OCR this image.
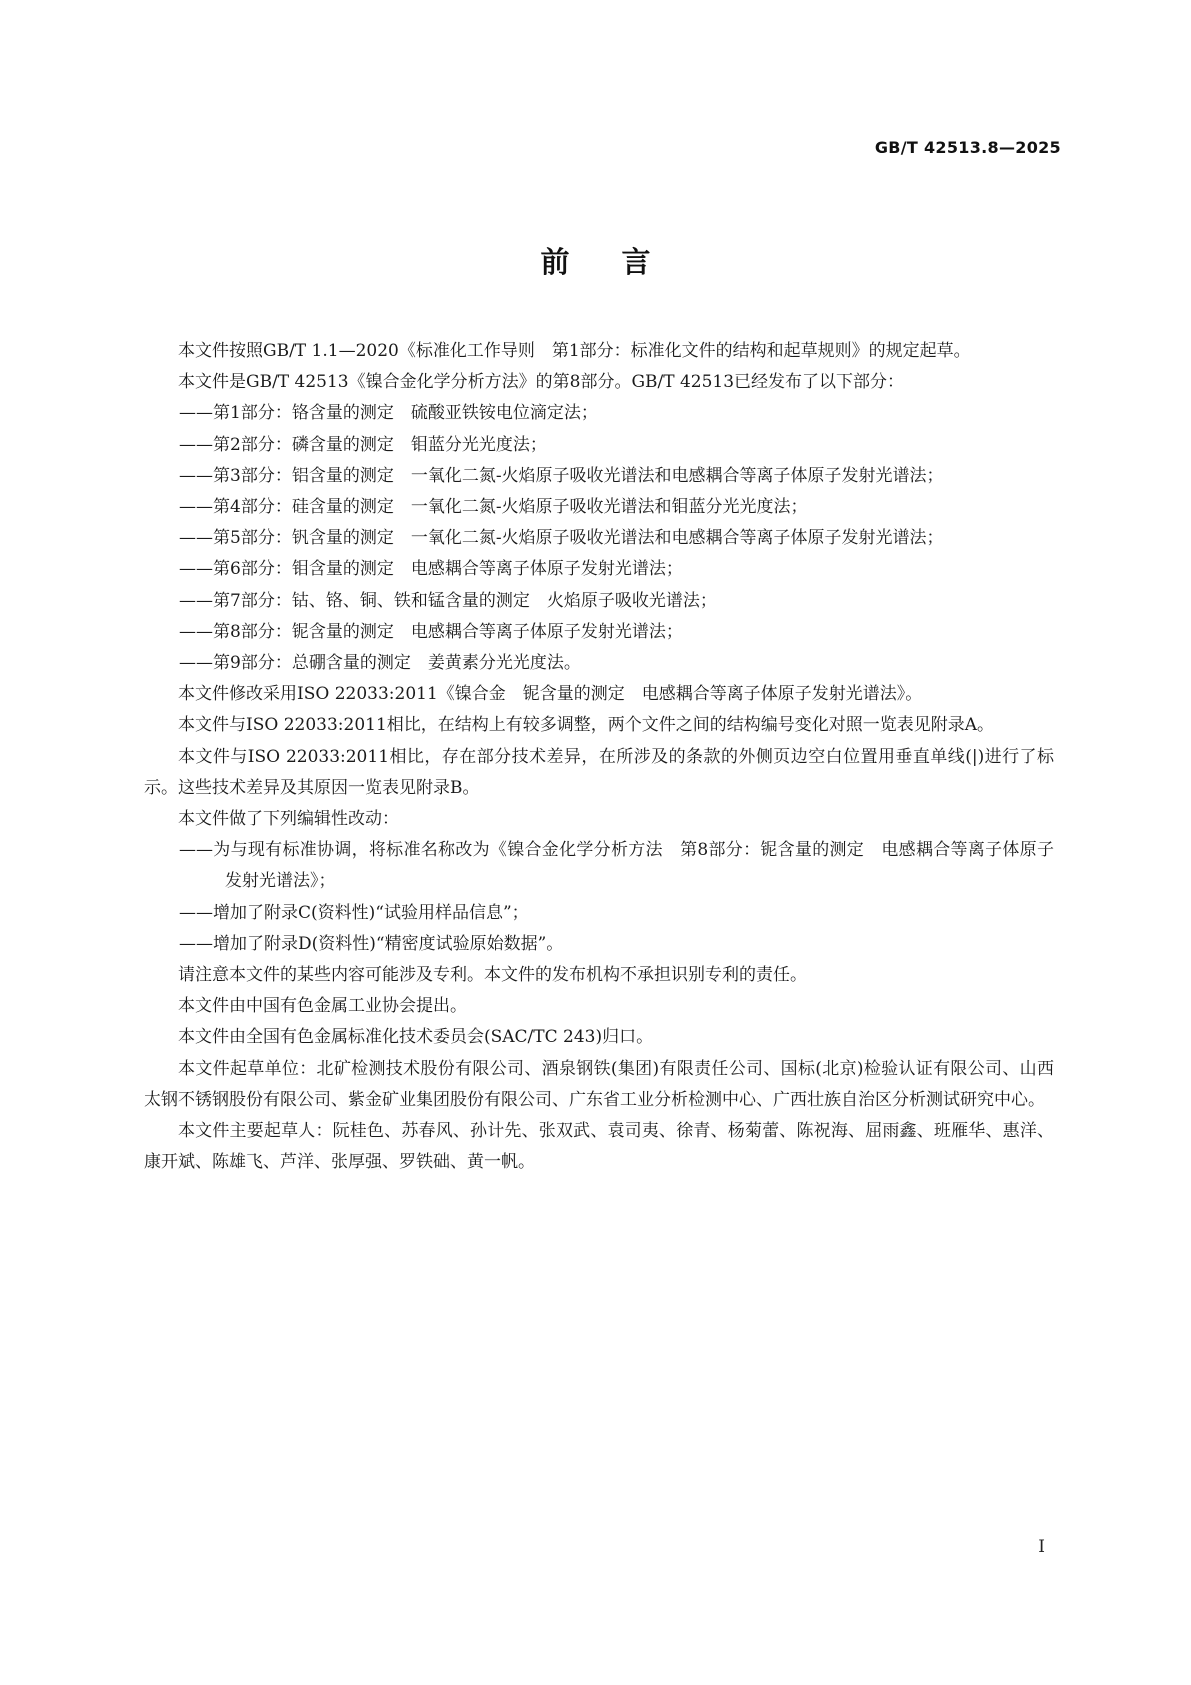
GB/T 42513.8—2025
前言

本文件按照GB/T 1.1—2020《标准化工作导则　第1部分：标准化文件的结构和起草规则》的规定起草。

本文件是GB/T 42513《镍合金化学分析方法》的第8部分。GB/T 42513已经发布了以下部分：

——第1部分：铬含量的测定　硫酸亚铁铵电位滴定法；

——第2部分：磷含量的测定　钼蓝分光光度法；

——第3部分：铝含量的测定　一氧化二氮-火焰原子吸收光谱法和电感耦合等离子体原子发射光谱法；

——第4部分：硅含量的测定　一氧化二氮-火焰原子吸收光谱法和钼蓝分光光度法；

——第5部分：钒含量的测定　一氧化二氮-火焰原子吸收光谱法和电感耦合等离子体原子发射光谱法；

——第6部分：钼含量的测定　电感耦合等离子体原子发射光谱法；

——第7部分：钴、铬、铜、铁和锰含量的测定　火焰原子吸收光谱法；

——第8部分：铌含量的测定　电感耦合等离子体原子发射光谱法；

——第9部分：总硼含量的测定　姜黄素分光光度法。

本文件修改采用ISO 22033:2011《镍合金　铌含量的测定　电感耦合等离子体原子发射光谱法》。

本文件与ISO 22033:2011相比，在结构上有较多调整，两个文件之间的结构编号变化对照一览表见附录A。

本文件与ISO 22033:2011相比，存在部分技术差异，在所涉及的条款的外侧页边空白位置用垂直单线(|)进行了标示。这些技术差异及其原因一览表见附录B。

本文件做了下列编辑性改动：

——为与现有标准协调，将标准名称改为《镍合金化学分析方法　第8部分：铌含量的测定　电感耦合等离子体原子发射光谱法》；

——增加了附录C(资料性)“试验用样品信息”；

——增加了附录D(资料性)“精密度试验原始数据”。

请注意本文件的某些内容可能涉及专利。本文件的发布机构不承担识别专利的责任。

本文件由中国有色金属工业协会提出。

本文件由全国有色金属标准化技术委员会(SAC/TC 243)归口。

本文件起草单位：北矿检测技术股份有限公司、酒泉钢铁(集团)有限责任公司、国标(北京)检验认证有限公司、山西太钢不锈钢股份有限公司、紫金矿业集团股份有限公司、广东省工业分析检测中心、广西壮族自治区分析测试研究中心。

本文件主要起草人：阮桂色、苏春风、孙计先、张双武、袁司夷、徐青、杨菊蕾、陈祝海、屈雨鑫、班雁华、惠洋、康开斌、陈雄飞、芦洋、张厚强、罗铁础、黄一帆。

I
